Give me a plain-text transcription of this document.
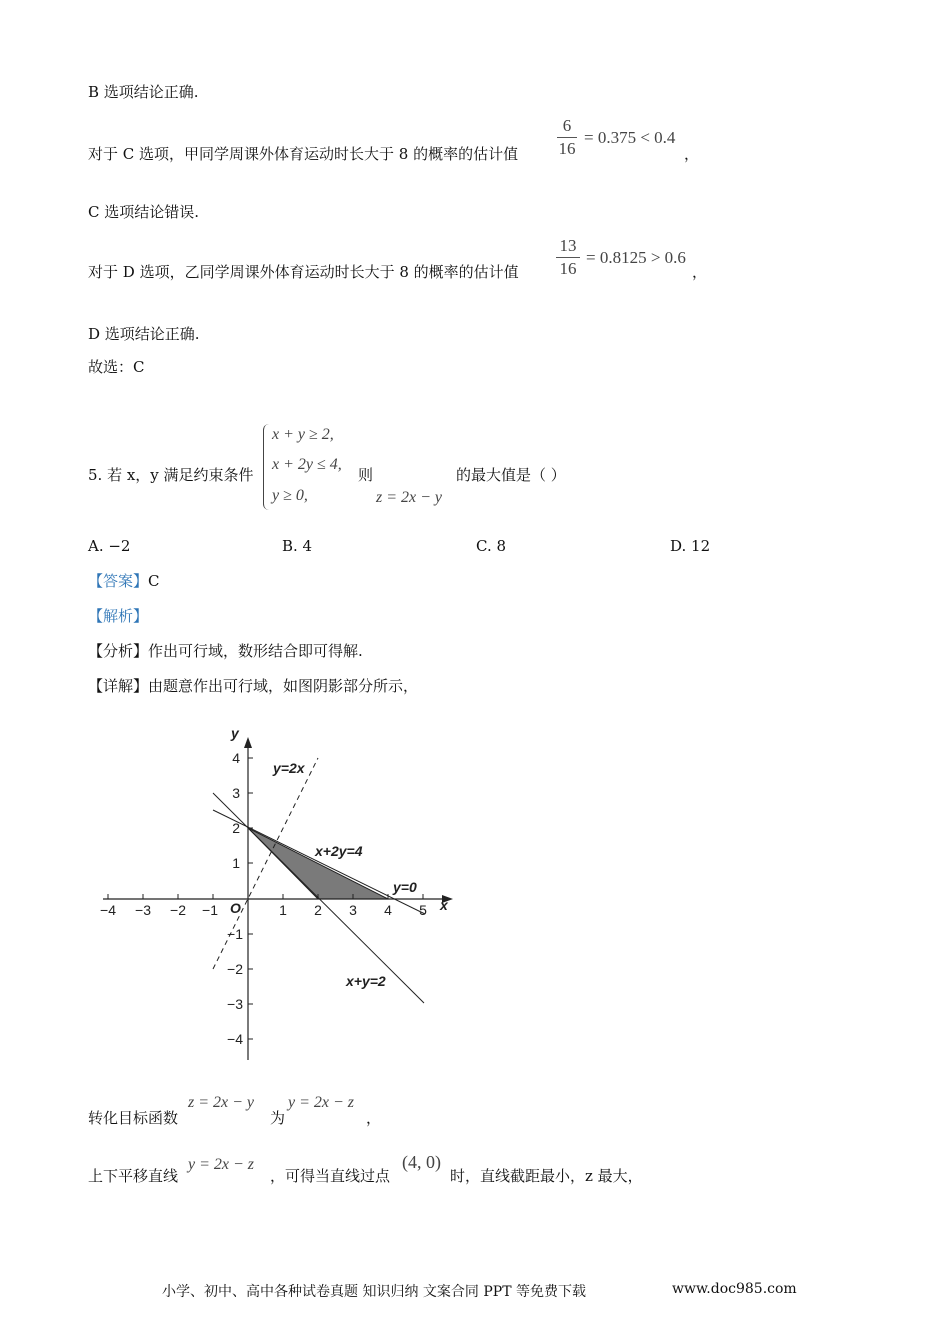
B 选项结论正确.
对于 C 选项，甲同学周课外体育运动时长大于 8 的概率的估计值
6
16
= 0.375 < 0.4
，
C 选项结论错误.
对于 D 选项，乙同学周课外体育运动时长大于 8 的概率的估计值
13
16
= 0.8125 > 0.6
，
D 选项结论正确.
故选：C
5. 若 x，y 满足约束条件
x + y ≥ 2,
x + 2y ≤ 4,
y ≥ 0,
则
z = 2x − y
的最大值是（ ）
A. −2	B. 4	C. 8	D. 12
【答案】C
【解析】
【分析】作出可行域，数形结合即可得解.
【详解】由题意作出可行域，如图阴影部分所示，
−4 −3 −2 −1	1 2 3 4 5
4
3
2
1
−1
−2
−3
−4
x
y
O
y=2x
x+2y=4
y=0
x+y=2
转化目标函数
z = 2x − y
为
y = 2x − z
，
上下平移直线
y = 2x − z
，可得当直线过点
(4, 0)
时，直线截距最小，z 最大，
小学、初中、高中各种试卷真题 知识归纳 文案合同 PPT 等免费下载	www.doc985.com
